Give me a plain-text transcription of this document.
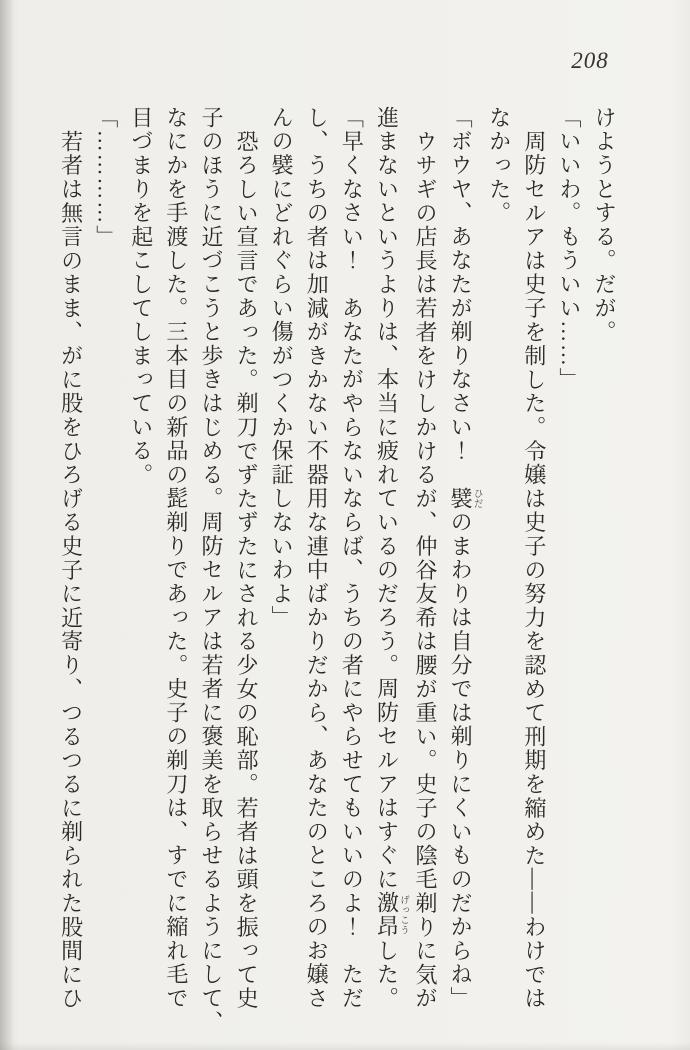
208

けようとする。だが。

「いいわ。もういい……」

周防セルアは史子を制した。令嬢は史子の努力を認めて刑期を縮めた――わけでは

なかった。

「ボウヤ、あなたが剃りなさい！　襞ひだのまわりは自分では剃りにくいものだからね」

ウサギの店長は若者をけしかけるが、仲谷友希は腰が重い。史子の陰毛剃りに気が

進まないというよりは、本当に疲れているのだろう。周防セルアはすぐに激昂げっこうした。

「早くなさい！　あなたがやらないならば、うちの者にやらせてもいいのよ！　ただ

し、うちの者は加減がきかない不器用な連中ばかりだから、あなたのところのお嬢さ

んの襞にどれぐらい傷がつくか保証しないわよ」

恐ろしい宣言であった。剃刀でずたずたにされる少女の恥部。若者は頭を振って史

子のほうに近づこうと歩きはじめる。周防セルアは若者に褒美を取らせるようにして、

なにかを手渡した。三本目の新品の髭剃りであった。史子の剃刀は、すでに縮れ毛で

目づまりを起こしてしまっている。

「…………」

若者は無言のまま、がに股をひろげる史子に近寄り、つるつるに剃られた股間にひ
